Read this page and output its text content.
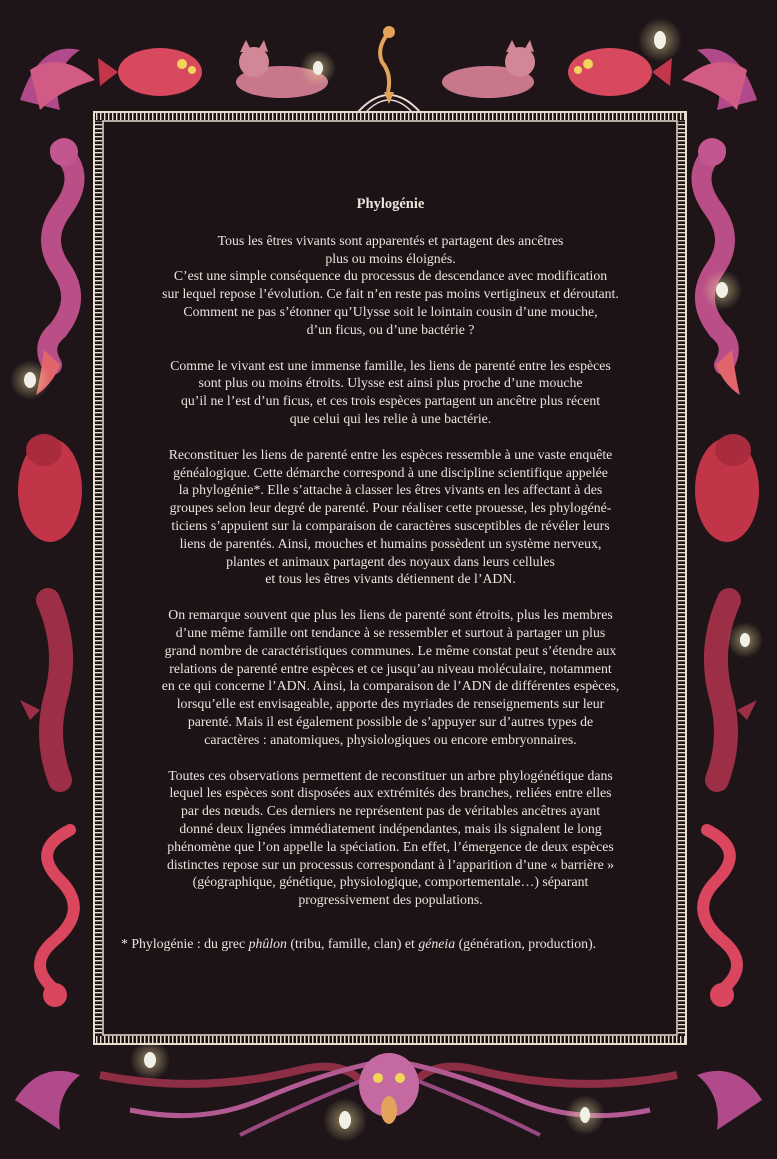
Phylogénie
Tous les êtres vivants sont apparentés et partagent des ancêtres
plus ou moins éloignés.
C’est une simple conséquence du processus de descendance avec modification
sur lequel repose l’évolution. Ce fait n’en reste pas moins vertigineux et déroutant.
Comment ne pas s’étonner qu’Ulysse soit le lointain cousin d’une mouche,
d’un ficus, ou d’une bactérie ?
Comme le vivant est une immense famille, les liens de parenté entre les espèces
sont plus ou moins étroits. Ulysse est ainsi plus proche d’une mouche
qu’il ne l’est d’un ficus, et ces trois espèces partagent un ancêtre plus récent
que celui qui les relie à une bactérie.
Reconstituer les liens de parenté entre les espèces ressemble à une vaste enquête
généalogique. Cette démarche correspond à une discipline scientifique appelée
la phylogénie*. Elle s’attache à classer les êtres vivants en les affectant à des
groupes selon leur degré de parenté. Pour réaliser cette prouesse, les phylogéné-
ticiens s’appuient sur la comparaison de caractères susceptibles de révéler leurs
liens de parentés. Ainsi, mouches et humains possèdent un système nerveux,
plantes et animaux partagent des noyaux dans leurs cellules
et tous les êtres vivants détiennent de l’ADN.
On remarque souvent que plus les liens de parenté sont étroits, plus les membres
d’une même famille ont tendance à se ressembler et surtout à partager un plus
grand nombre de caractéristiques communes. Le même constat peut s’étendre aux
relations de parenté entre espèces et ce jusqu’au niveau moléculaire, notamment
en ce qui concerne l’ADN. Ainsi, la comparaison de l’ADN de différentes espèces,
lorsqu’elle est envisageable, apporte des myriades de renseignements sur leur
parenté. Mais il est également possible de s’appuyer sur d’autres types de
caractères : anatomiques, physiologiques ou encore embryonnaires.
Toutes ces observations permettent de reconstituer un arbre phylogénétique dans
lequel les espèces sont disposées aux extrémités des branches, reliées entre elles
par des nœuds. Ces derniers ne représentent pas de véritables ancêtres ayant
donné deux lignées immédiatement indépendantes, mais ils signalent le long
phénomène que l’on appelle la spéciation. En effet, l’émergence de deux espèces
distinctes repose sur un processus correspondant à l’apparition d’une « barrière »
(géographique, génétique, physiologique, comportementale…) séparant
progressivement des populations.
* Phylogénie : du grec phûlon (tribu, famille, clan) et géneia (génération, production).
